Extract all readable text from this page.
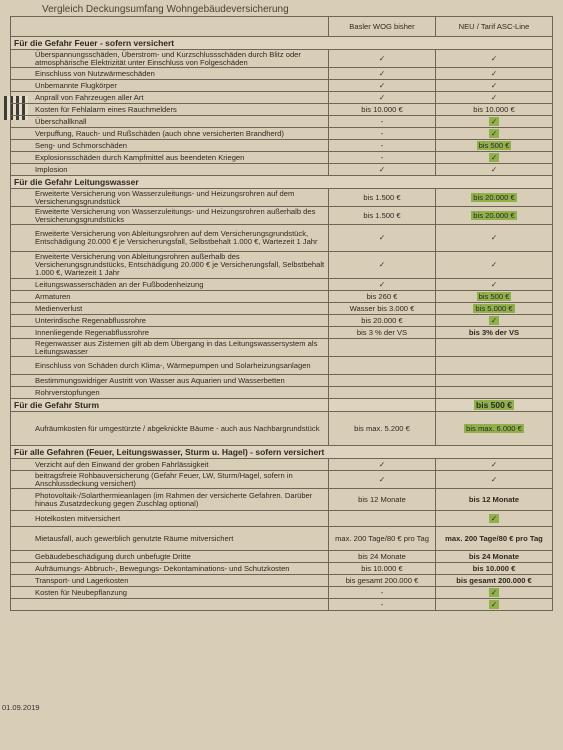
Vergleich Deckungsumfang Wohngebäudeversicherung
	Basler WOG bisher	NEU / Tarif ASC-Line
Für die Gefahr Feuer - sofern versichert		
Überspannungsschäden, Überstrom- und Kurzschlussschäden durch Blitz oder atmosphärische Elektrizität unter Einschluss von Folgeschäden	✓	✓
Einschluss von Nutzwärmeschäden	✓	✓
Unbemannte Flugkörper	✓	✓
Anprall von Fahrzeugen aller Art	✓	✓
Kosten für Fehlalarm eines Rauchmelders	bis 10.000 €	bis 10.000 €
Überschallknall	-	✓
Verpuffung, Rauch- und Rußschäden (auch ohne versicherten Brandherd)	-	✓
Seng- und Schmorschäden	-	bis 500 €
Explosionsschäden durch Kampfmittel aus beendeten Kriegen	-	✓
Implosion	✓	✓
Für die Gefahr Leitungswasser		
Erweiterte Versicherung von Wasserzuleitungs- und Heizungsrohren auf dem Versicherungsgrundstück	bis 1.500 €	bis 20.000 €
Erweiterte Versicherung von Wasserzuleitungs- und Heizungsrohren außerhalb des Versicherungsgrundstücks	bis 1.500 €	bis 20.000 €
Erweiterte Versicherung von Ableitungsrohren auf dem Versicherungsgrundstück, Entschädigung 20.000 € je Versicherungsfall, Selbstbehalt 1.000 €, Wartezeit 1 Jahr	✓	✓
Erweiterte Versicherung von Ableitungsrohren außerhalb des Versicherungsgrundstücks, Entschädigung 20.000 € je Versicherungsfall, Selbstbehalt 1.000 €, Wartezeit 1 Jahr	✓	✓
Leitungswasserschäden an der Fußbodenheizung	✓	✓
Armaturen	bis 260 €	bis 500 €
Medienverlust	Wasser bis 3.000 €	bis 5.000 €
Unterirdische Regenabflussrohre	bis 20.000 €	✓
Innenliegende Regenabflussrohre	bis 3 % der VS	bis 3% der VS
Regenwasser aus Zisternen gilt ab dem Übergang in das Leitungswassersystem als Leitungswasser		
Einschluss von Schäden durch Klima-, Wärmepumpen und Solarheizungsanlagen		
Bestimmungswidriger Austritt von Wasser aus Aquarien und Wasserbetten		
Rohrverstopfungen		
Für die Gefahr Sturm		bis 500 €
Aufräumkosten für umgestürzte / abgeknickte Bäume - auch aus Nachbargrundstück	bis max. 5.200 €	bis max. 6.000 €
Für alle Gefahren (Feuer, Leitungswasser, Sturm u. Hagel) - sofern versichert		
Verzicht auf den Einwand der groben Fahrlässigkeit	✓	✓
beitragsfreie Rohbauversicherung (Gefahr Feuer, LW, Sturm/Hagel, sofern in Anschlussdeckung versichert)	✓	✓
Photovoltaik-/Solarthermieanlagen (im Rahmen der versicherte Gefahren. Darüber hinaus Zusatzdeckung gegen Zuschlag optional)	bis 12 Monate	bis 12 Monate
Hotelkosten mitversichert		✓
Mietausfall, auch gewerblich genutzte Räume mitversichert	max. 200 Tage/80 € pro Tag	max. 200 Tage/80 € pro Tag
Gebäudebeschädigung durch unbefugte Dritte	bis 24 Monate	bis 24 Monate
Aufräumungs- Abbruch-, Bewegungs- Dekontaminations- und Schutzkosten	bis 10.000 €	bis 10.000 €
Transport- und Lagerkosten	bis gesamt 200.000 €	bis gesamt 200.000 €
Kosten für Neubepflanzung	-	✓
	-	✓
01.09.2019
